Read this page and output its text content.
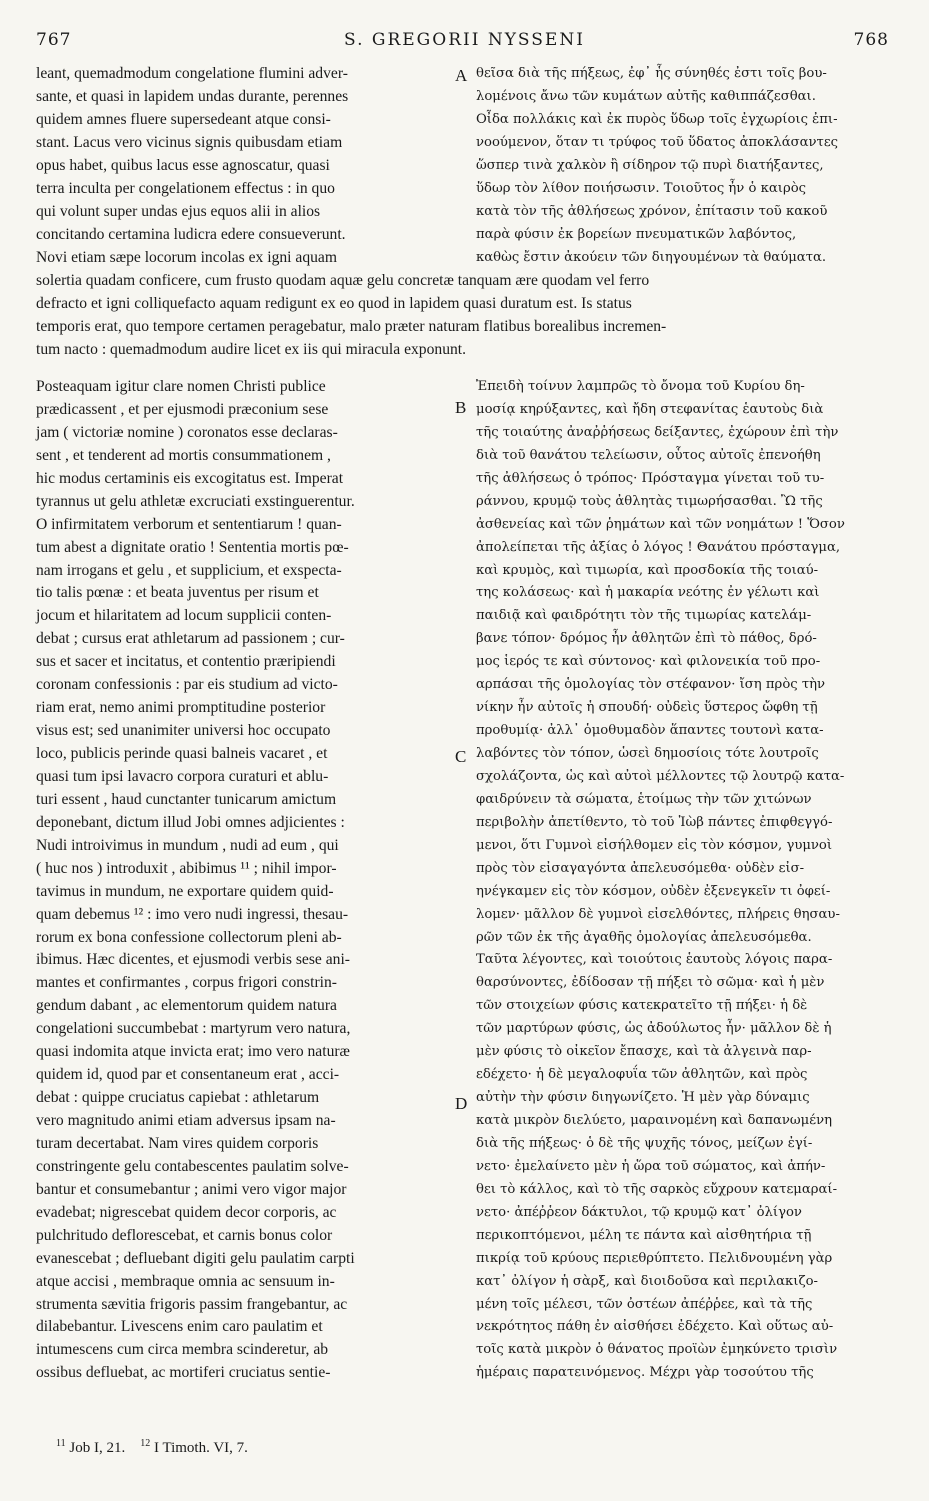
767	S. GREGORII NYSSENI	768
leant, quemadmodum congelatione flumini adver-
sante, et quasi in lapidem undas durante, perennes
quidem amnes fluere supersedeant atque consi-
stant. Lacus vero vicinus signis quibusdam etiam
opus habet, quibus lacus esse agnoscatur, quasi
terra inculta per congelationem effectus : in quo
qui volunt super undas ejus equos alii in alios
concitando certamina ludicra edere consueverunt.
Novi etiam sæpe locorum incolas ex igni aquam
θεῖσα διὰ τῆς πήξεως, ἐφ᾽ ἧς σύνηθές ἐστι τοῖς βου-
λομένοις ἄνω τῶν κυμάτων αὐτῆς καθιππάζεσθαι.
Οἶδα πολλάκις καὶ ἐκ πυρὸς ὕδωρ τοῖς ἐγχωρίοις ἐπι-
νοούμενον, ὅταν τι τρύφος τοῦ ὕδατος ἀποκλάσαντες
ὥσπερ τινὰ χαλκὸν ἢ σίδηρον τῷ πυρὶ διατήξαντες,
ὕδωρ τὸν λίθον ποιήσωσιν. Τοιοῦτος ἦν ὁ καιρὸς
κατὰ τὸν τῆς ἀθλήσεως χρόνον, ἐπίτασιν τοῦ κακοῦ
παρὰ φύσιν ἐκ βορείων πνευματικῶν λαβόντος,
καθὼς ἔστιν ἀκούειν τῶν διηγουμένων τὰ θαύματα.
solertia quadam conficere, cum frusto quodam aquæ gelu concretæ tanquam ære quodam vel ferro
defracto et igni colliquefacto aquam redigunt ex eo quod in lapidem quasi duratum est. Is status
temporis erat, quo tempore certamen peragebatur, malo præter naturam flatibus borealibus incremen-
tum nacto : quemadmodum audire licet ex iis qui miracula exponunt.
Posteaquam igitur clare nomen Christi publice
prædicassent , et per ejusmodi præconium sese
jam ( victoriæ nomine ) coronatos esse declaras-
sent , et tenderent ad mortis consummationem ,
hic modus certaminis eis excogitatus est. Imperat
tyrannus ut gelu athletæ excruciati exstinguerentur.
O infirmitatem verborum et sententiarum ! quan-
tum abest a dignitate oratio ! Sententia mortis pœ-
nam irrogans et gelu , et supplicium, et exspecta-
tio talis pœnæ : et beata juventus per risum et
jocum et hilaritatem ad locum supplicii conten-
debat ; cursus erat athletarum ad passionem ; cur-
sus et sacer et incitatus, et contentio præripiendi
coronam confessionis : par eis studium ad victo-
riam erat, nemo animi promptitudine posterior
visus est; sed unanimiter universi hoc occupato
loco, publicis perinde quasi balneis vacaret , et
quasi tum ipsi lavacro corpora curaturi et ablu-
turi essent , haud cunctanter tunicarum amictum
deponebant, dictum illud Jobi omnes adjicientes :
Nudi introivimus in mundum , nudi ad eum , qui
( huc nos ) introduxit , abibimus ¹¹ ; nihil impor-
tavimus in mundum, ne exportare quidem quid-
quam debemus ¹² : imo vero nudi ingressi, thesau-
rorum ex bona confessione collectorum pleni ab-
ibimus. Hæc dicentes, et ejusmodi verbis sese ani-
mantes et confirmantes , corpus frigori constrin-
gendum dabant , ac elementorum quidem natura
congelationi succumbebat : martyrum vero natura,
quasi indomita atque invicta erat; imo vero naturæ
quidem id, quod par et consentaneum erat , acci-
debat : quippe cruciatus capiebat : athletarum
vero magnitudo animi etiam adversus ipsam na-
turam decertabat. Nam vires quidem corporis
constringente gelu contabescentes paulatim solve-
bantur et consumebantur ; animi vero vigor major
evadebat; nigrescebat quidem decor corporis, ac
pulchritudo deflorescebat, et carnis bonus color
evanescebat ; defluebant digiti gelu paulatim carpti
atque accisi , membraque omnia ac sensuum in-
strumenta sævitia frigoris passim frangebantur, ac
dilabebantur. Livescens enim caro paulatim et
intumescens cum circa membra scinderetur, ab
ossibus defluebat, ac mortiferi cruciatus sentie-
Ἐπειδὴ τοίνυν λαμπρῶς τὸ ὄνομα τοῦ Κυρίου δη-
μοσίᾳ κηρύξαντες, καὶ ἤδη στεφανίτας ἑαυτοὺς διὰ
τῆς τοιαύτης ἀναῤῥήσεως δείξαντες, ἐχώρουν ἐπὶ τὴν
διὰ τοῦ θανάτου τελείωσιν, οὗτος αὐτοῖς ἐπενοήθη
τῆς ἀθλήσεως ὁ τρόπος· Πρόσταγμα γίνεται τοῦ τυ-
ράννου, κρυμῷ τοὺς ἀθλητὰς τιμωρήσασθαι. Ὢ τῆς
ἀσθενείας καὶ τῶν ῥημάτων καὶ τῶν νοημάτων ! Ὅσον
ἀπολείπεται τῆς ἀξίας ὁ λόγος ! Θανάτου πρόσταγμα,
καὶ κρυμὸς, καὶ τιμωρία, καὶ προσδοκία τῆς τοιαύ-
της κολάσεως· καὶ ἡ μακαρία νεότης ἐν γέλωτι καὶ
παιδιᾷ καὶ φαιδρότητι τὸν τῆς τιμωρίας κατελάμ-
βανε τόπον· δρόμος ἦν ἀθλητῶν ἐπὶ τὸ πάθος, δρό-
μος ἱερός τε καὶ σύντονος· καὶ φιλονεικία τοῦ προ-
αρπάσαι τῆς ὁμολογίας τὸν στέφανον· ἴση πρὸς τὴν
νίκην ἦν αὐτοῖς ἡ σπουδή· οὐδεὶς ὕστερος ὤφθη τῇ
προθυμίᾳ· ἀλλ᾽ ὁμοθυμαδὸν ἅπαντες τουτονὶ κατα-
λαβόντες τὸν τόπον, ὡσεὶ δημοσίοις τότε λουτροῖς
σχολάζοντα, ὡς καὶ αὐτοὶ μέλλοντες τῷ λουτρῷ κατα-
φαιδρύνειν τὰ σώματα, ἑτοίμως τὴν τῶν χιτώνων
περιβολὴν ἀπετίθεντο, τὸ τοῦ Ἰὼβ πάντες ἐπιφθεγγό-
μενοι, ὅτι Γυμνοὶ εἰσήλθομεν εἰς τὸν κόσμον, γυμνοὶ
πρὸς τὸν εἰσαγαγόντα ἀπελευσόμεθα· οὐδὲν εἰσ-
ηνέγκαμεν εἰς τὸν κόσμον, οὐδὲν ἐξενεγκεῖν τι ὀφεί-
λομεν· μᾶλλον δὲ γυμνοὶ εἰσελθόντες, πλήρεις θησαυ-
ρῶν τῶν ἐκ τῆς ἀγαθῆς ὁμολογίας ἀπελευσόμεθα.
Ταῦτα λέγοντες, καὶ τοιούτοις ἑαυτοὺς λόγοις παρα-
θαρσύνοντες, ἐδίδοσαν τῇ πήξει τὸ σῶμα· καὶ ἡ μὲν
τῶν στοιχείων φύσις κατεκρατεῖτο τῇ πήξει· ἡ δὲ
τῶν μαρτύρων φύσις, ὡς ἀδούλωτος ἦν· μᾶλλον δὲ ἡ
μὲν φύσις τὸ οἰκεῖον ἔπασχε, καὶ τὰ ἀλγεινὰ παρ-
εδέχετο· ἡ δὲ μεγαλοφυΐα τῶν ἀθλητῶν, καὶ πρὸς
αὐτὴν τὴν φύσιν διηγωνίζετο. Ἡ μὲν γὰρ δύναμις
κατὰ μικρὸν διελύετο, μαραινομένη καὶ δαπανωμένη
διὰ τῆς πήξεως· ὁ δὲ τῆς ψυχῆς τόνος, μείζων ἐγί-
νετο· ἐμελαίνετο μὲν ἡ ὥρα τοῦ σώματος, καὶ ἀπήν-
θει τὸ κάλλος, καὶ τὸ τῆς σαρκὸς εὔχρουν κατεμαραί-
νετο· ἀπέῤῥεον δάκτυλοι, τῷ κρυμῷ κατ᾽ ὀλίγον
περικοπτόμενοι, μέλη τε πάντα καὶ αἰσθητήρια τῇ
πικρίᾳ τοῦ κρύους περιεθρύπτετο. Πελιδνουμένη γὰρ
κατ᾽ ὀλίγον ἡ σὰρξ, καὶ διοιδοῦσα καὶ περιλακιζο-
μένη τοῖς μέλεσι, τῶν ὀστέων ἀπέῤῥεε, καὶ τὰ τῆς
νεκρότητος πάθη ἐν αἰσθήσει ἐδέχετο. Καὶ οὕτως αὐ-
τοῖς κατὰ μικρὸν ὁ θάνατος προϊὼν ἐμηκύνετο τρισὶν
ἡμέραις παρατεινόμενος. Μέχρι γὰρ τοσούτου τῆς
A
B
C
D
$^{11}$ Job I, 21. $^{12}$ I Timoth. VI, 7.
